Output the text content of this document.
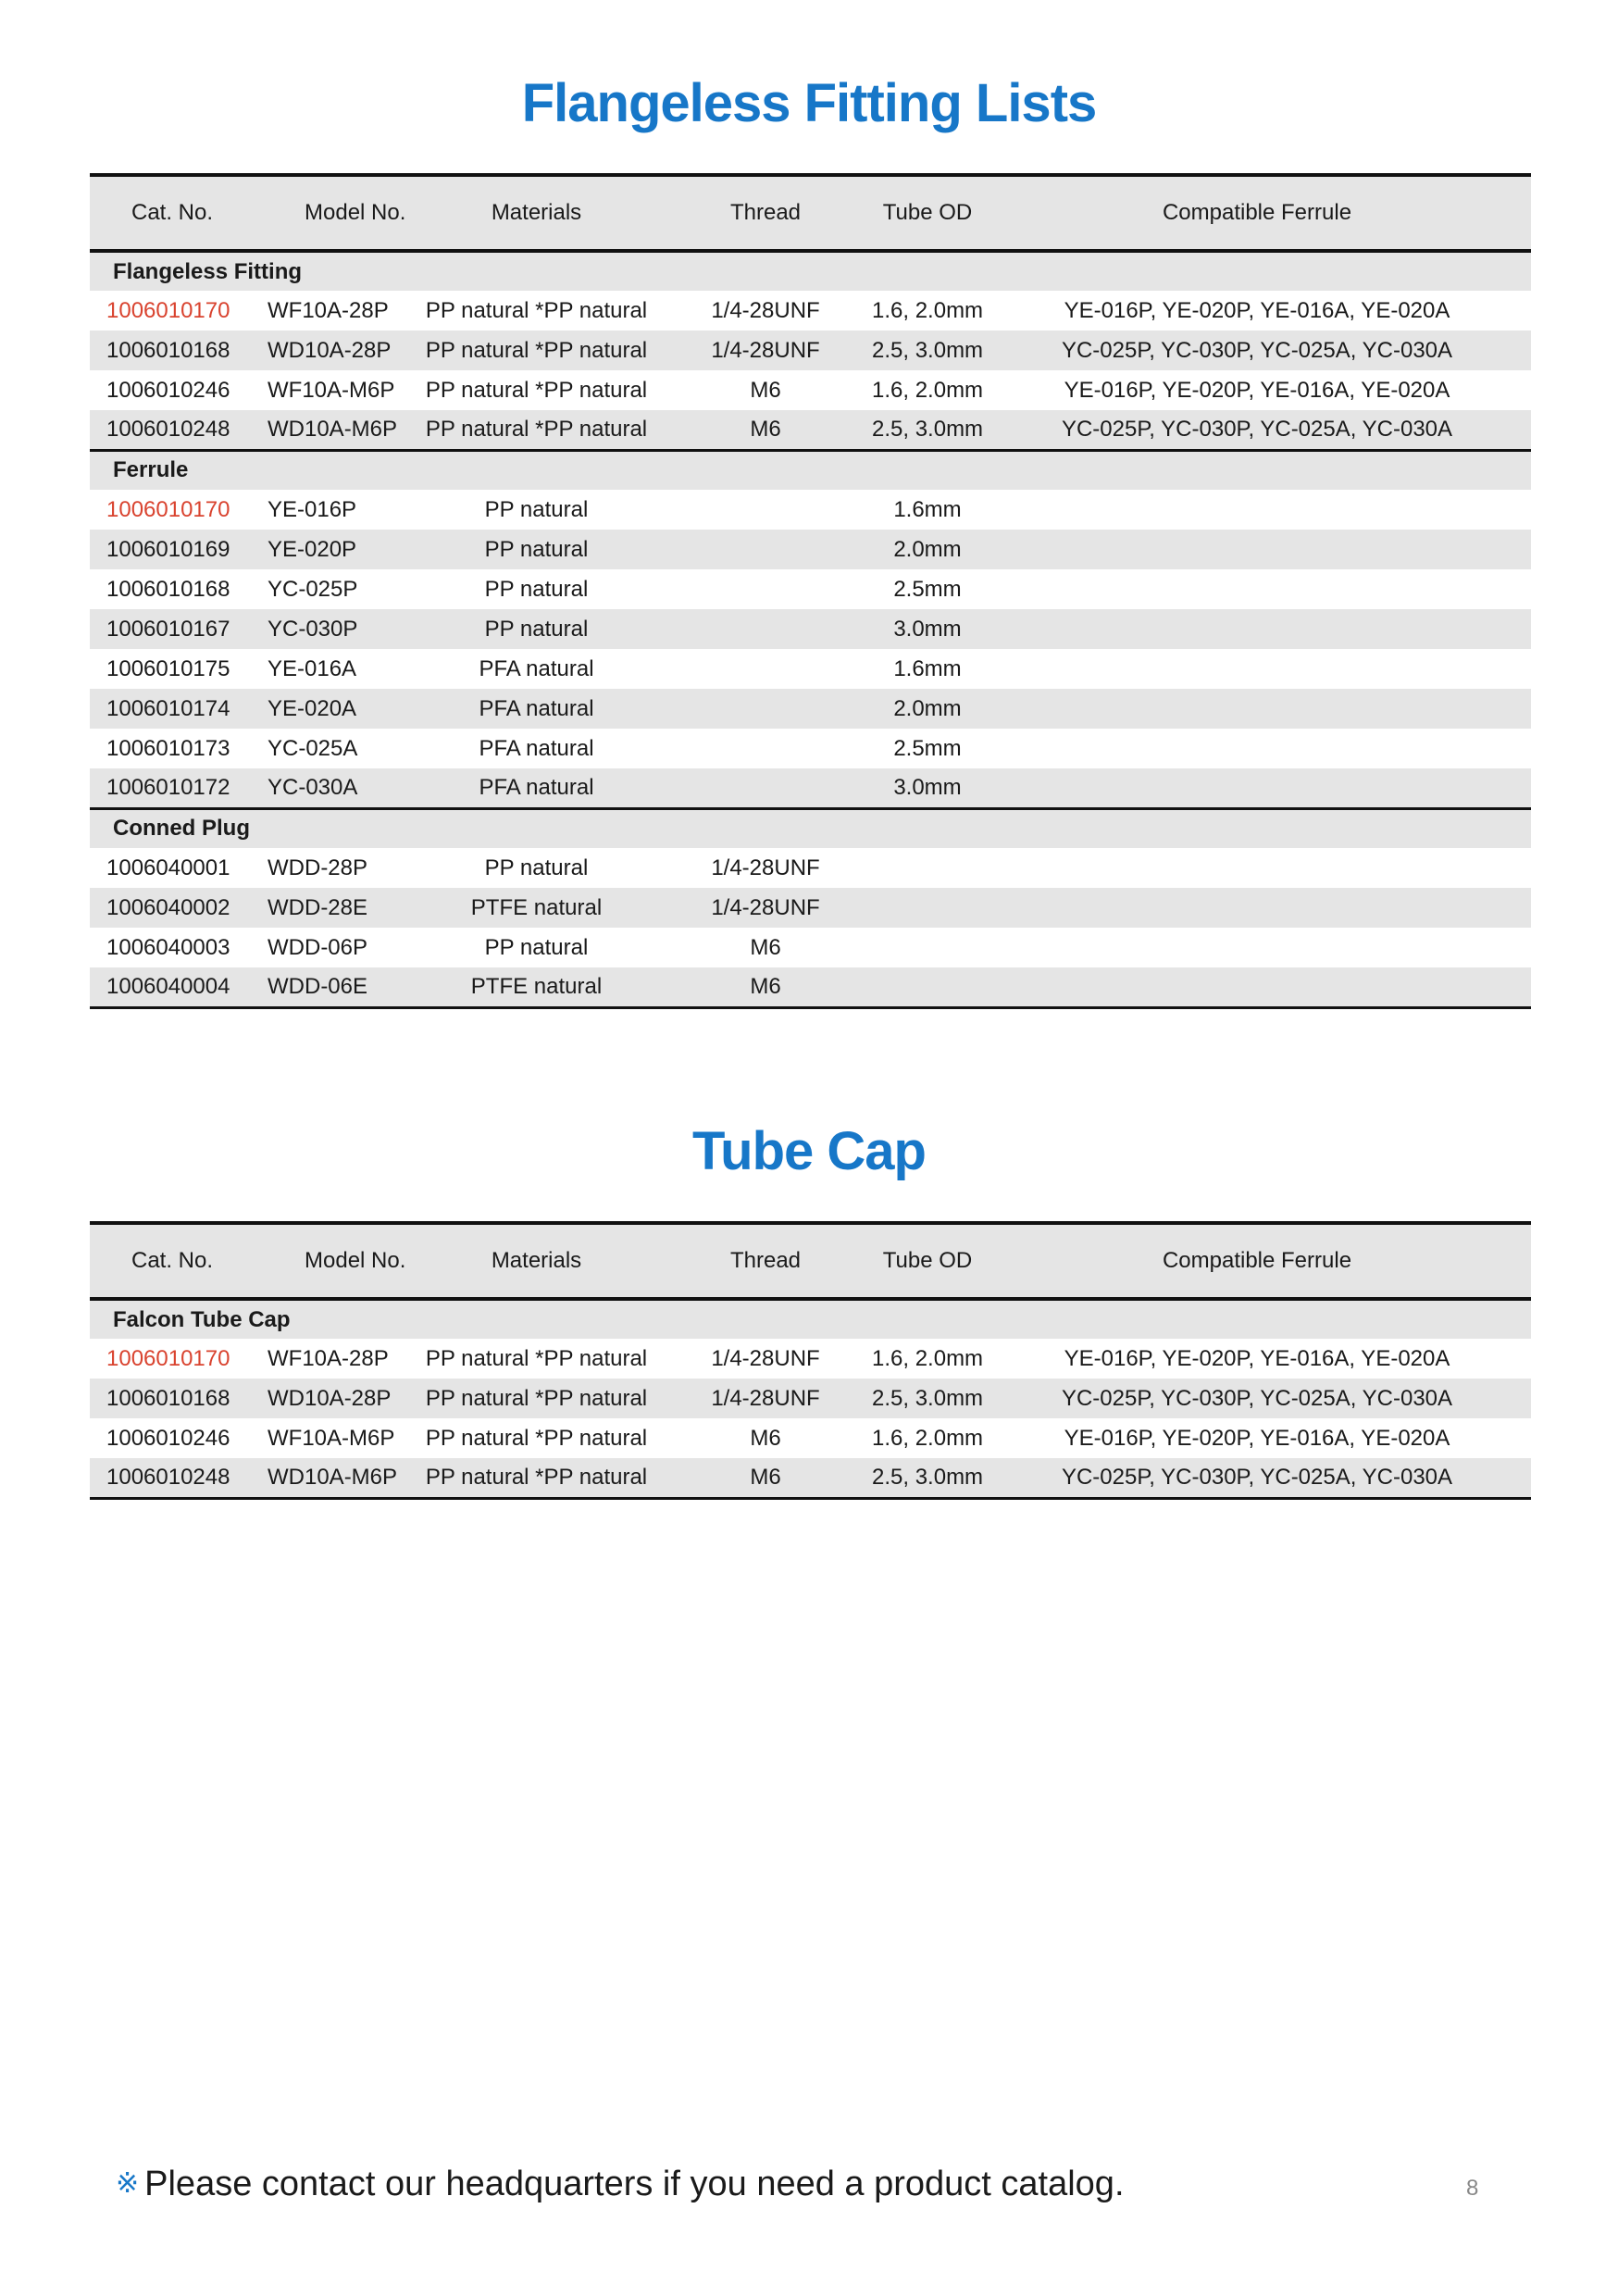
Flangeless Fitting Lists
Cat. No.	Model No.	Materials	Thread	Tube OD	Compatible Ferrule
Flangeless Fitting					
1006010170	WF10A-28P	PP natural *PP natural	1/4-28UNF	1.6, 2.0mm	YE-016P, YE-020P, YE-016A, YE-020A
1006010168	WD10A-28P	PP natural *PP natural	1/4-28UNF	2.5, 3.0mm	YC-025P, YC-030P, YC-025A, YC-030A
1006010246	WF10A-M6P	PP natural *PP natural	M6	1.6, 2.0mm	YE-016P, YE-020P, YE-016A, YE-020A
1006010248	WD10A-M6P	PP natural *PP natural	M6	2.5, 3.0mm	YC-025P, YC-030P, YC-025A, YC-030A
Ferrule					
1006010170	YE-016P	PP natural		1.6mm	
1006010169	YE-020P	PP natural		2.0mm	
1006010168	YC-025P	PP natural		2.5mm	
1006010167	YC-030P	PP natural		3.0mm	
1006010175	YE-016A	PFA natural		1.6mm	
1006010174	YE-020A	PFA natural		2.0mm	
1006010173	YC-025A	PFA natural		2.5mm	
1006010172	YC-030A	PFA natural		3.0mm	
Conned Plug					
1006040001	WDD-28P	PP natural	1/4-28UNF		
1006040002	WDD-28E	PTFE natural	1/4-28UNF		
1006040003	WDD-06P	PP natural	M6		
1006040004	WDD-06E	PTFE natural	M6		
Tube Cap
Cat. No.	Model No.	Materials	Thread	Tube OD	Compatible Ferrule
Falcon Tube Cap					
1006010170	WF10A-28P	PP natural *PP natural	1/4-28UNF	1.6, 2.0mm	YE-016P, YE-020P, YE-016A, YE-020A
1006010168	WD10A-28P	PP natural *PP natural	1/4-28UNF	2.5, 3.0mm	YC-025P, YC-030P, YC-025A, YC-030A
1006010246	WF10A-M6P	PP natural *PP natural	M6	1.6, 2.0mm	YE-016P, YE-020P, YE-016A, YE-020A
1006010248	WD10A-M6P	PP natural *PP natural	M6	2.5, 3.0mm	YC-025P, YC-030P, YC-025A, YC-030A
※ Please contact our headquarters if you need a product catalog.	8
